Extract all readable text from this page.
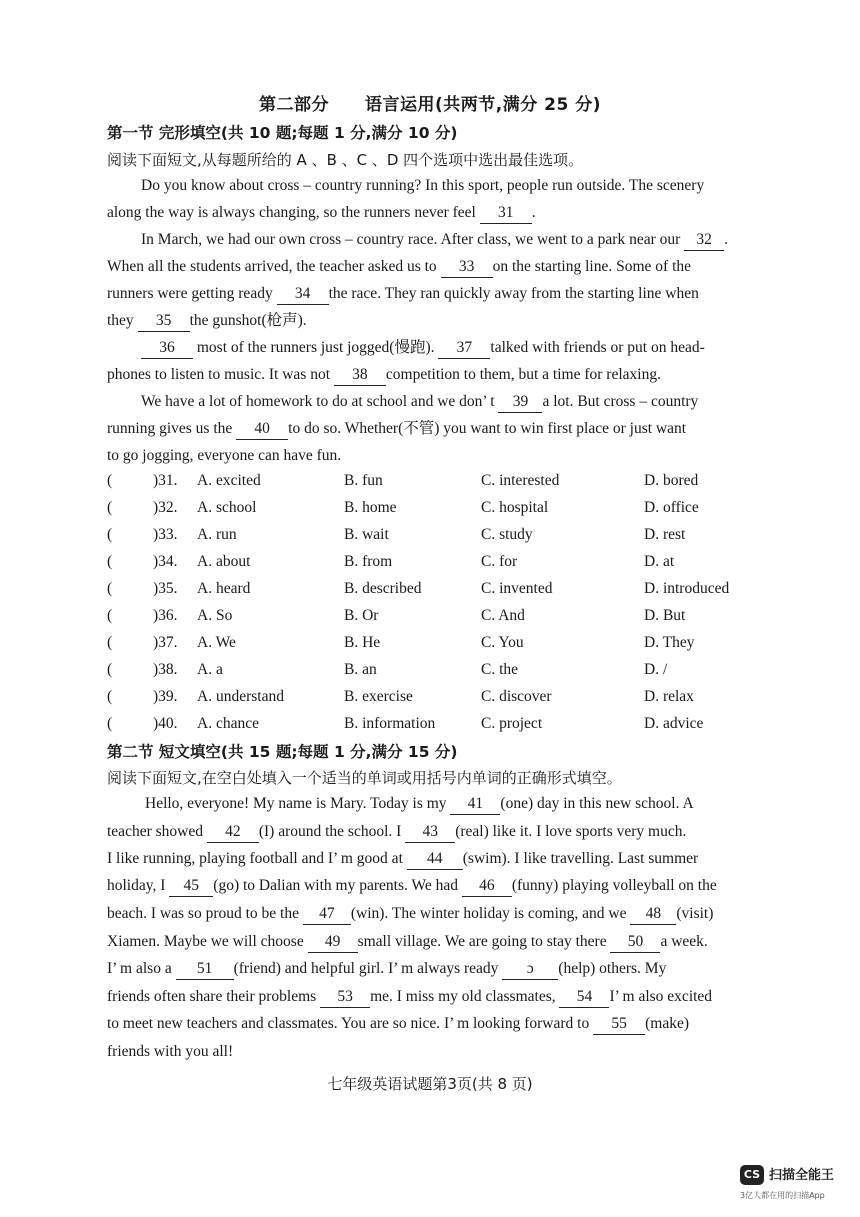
第二部分 语言运用(共两节,满分 25 分)
第一节 完形填空(共 10 题;每题 1 分,满分 10 分)
阅读下面短文,从每题所给的 A 、B 、C 、D 四个选项中选出最佳选项。
Do you know about cross – country running? In this sport, people run outside. The scenery
along the way is always changing, so the runners never feel 31 .
In March, we had our own cross – country race. After class, we went to a park near our 32 .
When all the students arrived, the teacher asked us to 33 on the starting line. Some of the
runners were getting ready 34 the race. They ran quickly away from the starting line when
they 35 the gunshot(枪声).
36 most of the runners just jogged(慢跑). 37 talked with friends or put on head-
phones to listen to music. It was not 38 competition to them, but a time for relaxing.
We have a lot of homework to do at school and we don’ t 39 a lot. But cross – country
running gives us the 40 to do so. Whether(不管) you want to win first place or just want
to go jogging, everyone can have fun.
(	)31. A. excited	B. fun	C. interested	D. bored
(	)32. A. school	B. home	C. hospital	D. office
(	)33. A. run	B. wait	C. study	D. rest
(	)34. A. about	B. from	C. for	D. at
(	)35. A. heard	B. described	C. invented	D. introduced
(	)36. A. So	B. Or	C. And	D. But
(	)37. A. We	B. He	C. You	D. They
(	)38. A. a	B. an	C. the	D. /
(	)39. A. understand	B. exercise	C. discover	D. relax
(	)40. A. chance	B. information	C. project	D. advice
第二节 短文填空(共 15 题;每题 1 分,满分 15 分)
阅读下面短文,在空白处填入一个适当的单词或用括号内单词的正确形式填空。
Hello, everyone! My name is Mary. Today is my 41 (one) day in this new school. A
teacher showed 42 (I) around the school. I 43 (real) like it. I love sports very much.
I like running, playing football and I’ m good at 44 (swim). I like travelling. Last summer
holiday, I 45 (go) to Dalian with my parents. We had 46 (funny) playing volleyball on the
beach. I was so proud to be the 47 (win). The winter holiday is coming, and we 48 (visit)
Xiamen. Maybe we will choose 49 small village. We are going to stay there 50 a week.
I’ m also a 51 (friend) and helpful girl. I’ m always ready ɔ (help) others. My
friends often share their problems 53 me. I miss my old classmates, 54 I’ m also excited
to meet new teachers and classmates. You are so nice. I’ m looking forward to 55 (make)
friends with you all!
七年级英语试题第3页(共 8 页)
CS 扫描全能王
3亿人都在用的扫描App
